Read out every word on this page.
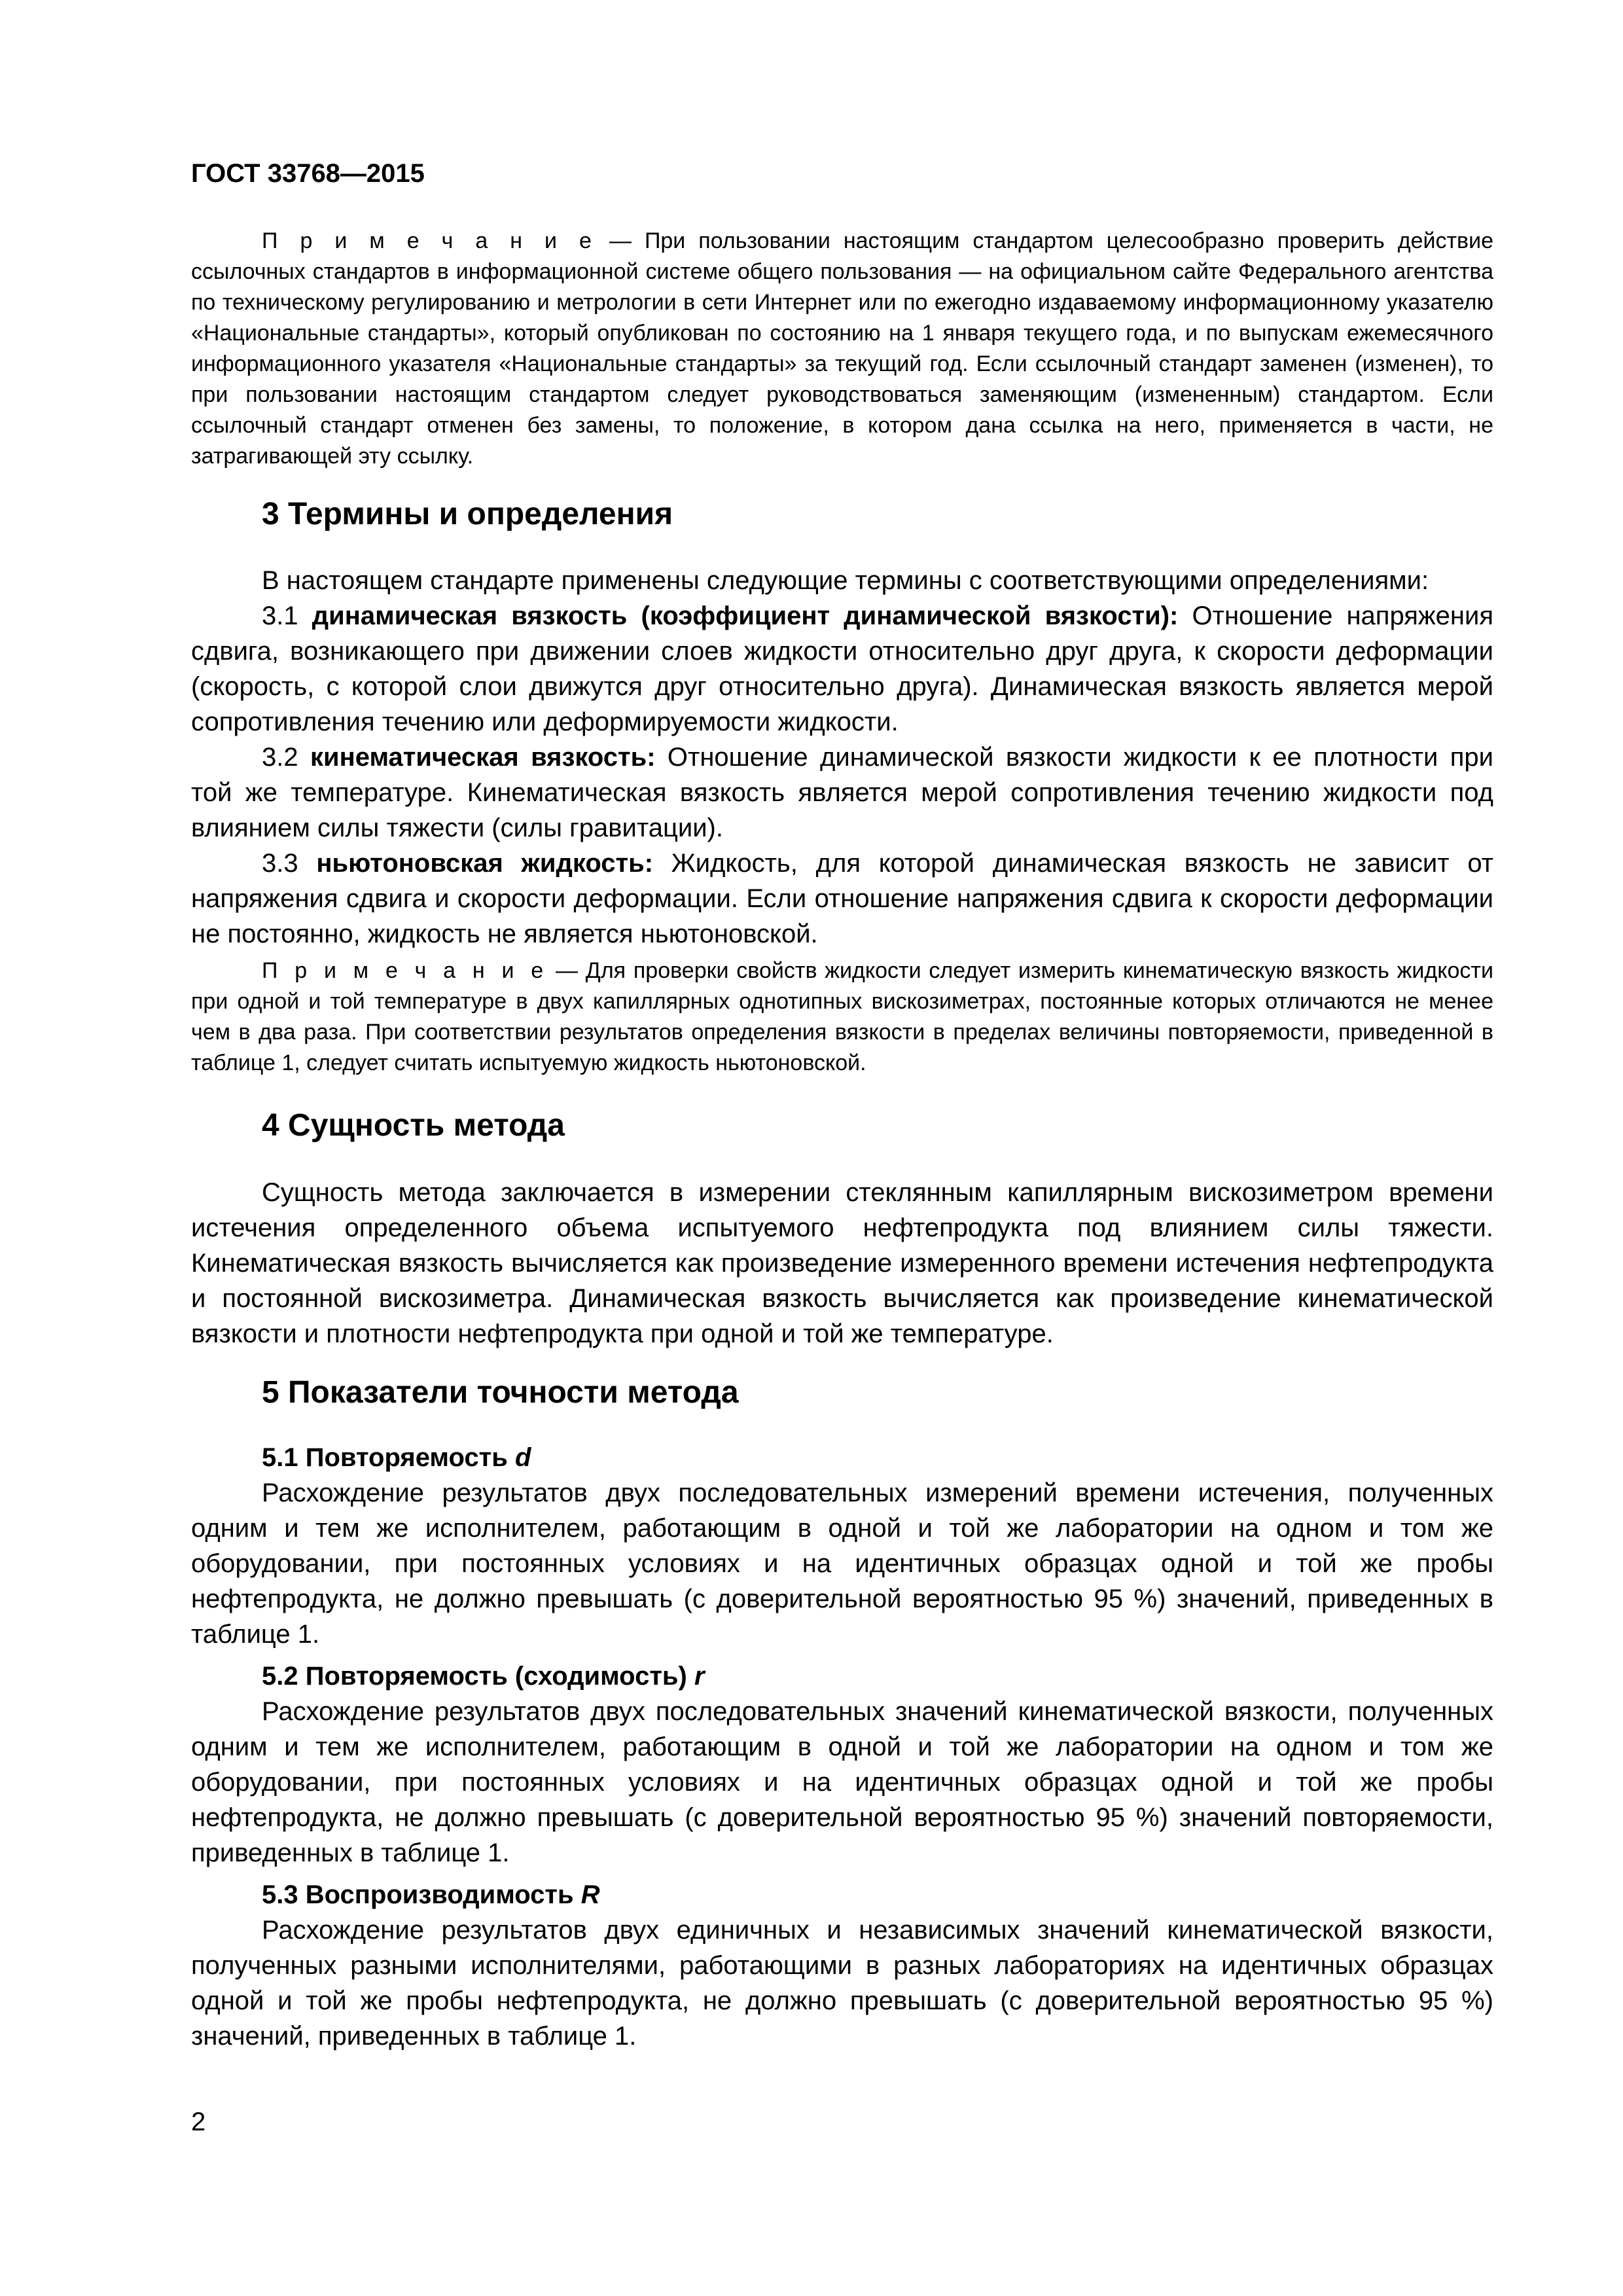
ГОСТ 33768—2015

П р и м е ч а н и е — При пользовании настоящим стандартом целесообразно проверить действие ссылочных стандартов в информационной системе общего пользования — на официальном сайте Федерального агентства по техническому регулированию и метрологии в сети Интернет или по ежегодно издаваемому информационному указателю «Национальные стандарты», который опубликован по состоянию на 1 января текущего года, и по выпускам ежемесячного информационного указателя «Национальные стандарты» за текущий год. Если ссылочный стандарт заменен (изменен), то при пользовании настоящим стандартом следует руководствоваться заменяющим (измененным) стандартом. Если ссылочный стандарт отменен без замены, то положение, в котором дана ссылка на него, применяется в части, не затрагивающей эту ссылку.

3 Термины и определения

В настоящем стандарте применены следующие термины с соответствующими определениями:

3.1 динамическая вязкость (коэффициент динамической вязкости): Отношение напряжения сдвига, возникающего при движении слоев жидкости относительно друг друга, к скорости деформации (скорость, с которой слои движутся друг относительно друга). Динамическая вязкость является мерой сопротивления течению или деформируемости жидкости.

3.2 кинематическая вязкость: Отношение динамической вязкости жидкости к ее плотности при той же температуре. Кинематическая вязкость является мерой сопротивления течению жидкости под влиянием силы тяжести (силы гравитации).

3.3 ньютоновская жидкость: Жидкость, для которой динамическая вязкость не зависит от напряжения сдвига и скорости деформации. Если отношение напряжения сдвига к скорости деформации не постоянно, жидкость не является ньютоновской.

П р и м е ч а н и е — Для проверки свойств жидкости следует измерить кинематическую вязкость жидкости при одной и той температуре в двух капиллярных однотипных вискозиметрах, постоянные которых отличаются не менее чем в два раза. При соответствии результатов определения вязкости в пределах величины повторяемости, приведенной в таблице 1, следует считать испытуемую жидкость ньютоновской.

4 Сущность метода

Сущность метода заключается в измерении стеклянным капиллярным вискозиметром времени истечения определенного объема испытуемого нефтепродукта под влиянием силы тяжести. Кинематическая вязкость вычисляется как произведение измеренного времени истечения нефтепродукта и постоянной вискозиметра. Динамическая вязкость вычисляется как произведение кинематической вязкости и плотности нефтепродукта при одной и той же температуре.

5 Показатели точности метода

5.1 Повторяемость d

Расхождение результатов двух последовательных измерений времени истечения, полученных одним и тем же исполнителем, работающим в одной и той же лаборатории на одном и том же оборудовании, при постоянных условиях и на идентичных образцах одной и той же пробы нефтепродукта, не должно превышать (с доверительной вероятностью 95 %) значений, приведенных в таблице 1.

5.2 Повторяемость (сходимость) r

Расхождение результатов двух последовательных значений кинематической вязкости, полученных одним и тем же исполнителем, работающим в одной и той же лаборатории на одном и том же оборудовании, при постоянных условиях и на идентичных образцах одной и той же пробы нефтепродукта, не должно превышать (с доверительной вероятностью 95 %) значений повторяемости, приведенных в таблице 1.

5.3 Воспроизводимость R

Расхождение результатов двух единичных и независимых значений кинематической вязкости, полученных разными исполнителями, работающими в разных лабораториях на идентичных образцах одной и той же пробы нефтепродукта, не должно превышать (с доверительной вероятностью 95 %) значений, приведенных в таблице 1.

2
